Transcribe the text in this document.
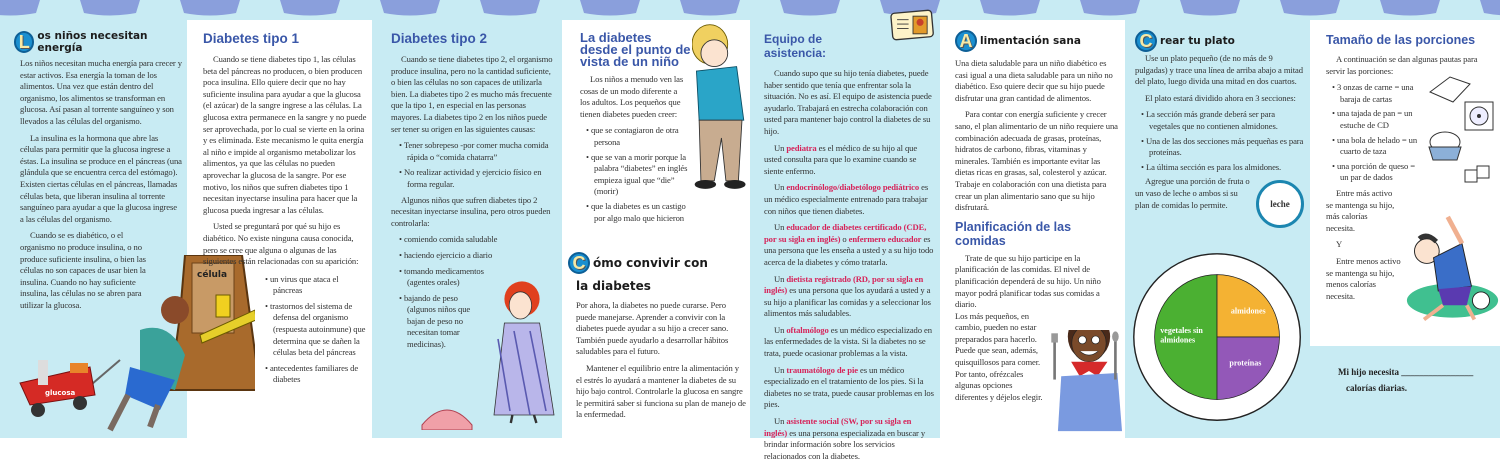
L os niños necesitan energía

Los niños necesitan mucha energía para crecer y estar activos. Esa energía la toman de los alimentos. Una vez que están dentro del organismo, los alimentos se transforman en glucosa. Así pasan al torrente sanguíneo y son llevados a las células del organismo.

La insulina es la hormona que abre las células para permitir que la glucosa ingrese a éstas. La insulina se produce en el páncreas (una glándula que se encuentra cerca del estómago). Existen ciertas células en el páncreas, llamadas células beta, que liberan insulina al torrente sanguíneo para ayudar a que la glucosa ingrese a las células del organismo.

Cuando se es diabético, o el organismo no produce insulina, o no produce suficiente insulina, o bien las células no son capaces de usar bien la insulina. Cuando no hay suficiente insulina, las células no se abren para utilizar la glucosa.

célula
glucosa
Diabetes tipo 1

Cuando se tiene diabetes tipo 1, las células beta del páncreas no producen, o bien producen poca insulina. Ello quiere decir que no hay suficiente insulina para ayudar a que la glucosa (el azúcar) de la sangre ingrese a las células. La glucosa extra permanece en la sangre y no puede ser aprovechada, por lo cual se vierte en la orina y es eliminada. Este mecanismo le quita energía al niño e impide al organismo metabolizar los alimentos, ya que las células no pueden aprovechar la glucosa de la sangre. Por ese motivo, los niños que sufren diabetes tipo 1 necesitan inyectarse insulina para hacer que la glucosa pueda ingresar a las células.

Usted se preguntará por qué su hijo es diabético. No existe ninguna causa conocida, pero se cree que alguna o algunas de las siguientes están relacionadas con su aparición:

• un virus que ataca el páncreas
• trastornos del sistema de defensa del organismo (respuesta autoinmune) que determina que se dañen la células beta del páncreas
• antecedentes familiares de diabetes
Diabetes tipo 2

Cuando se tiene diabetes tipo 2, el organismo produce insulina, pero no la cantidad suficiente, o bien las células no son capaces de utilizarla bien. La diabetes tipo 2 es mucho más frecuente que la tipo 1, en especial en las personas mayores. La diabetes tipo 2 en los niños puede ser tener su origen en las siguientes causas:

• Tener sobrepeso -por comer mucha comida rápida o “comida chatarra”
• No realizar actividad y ejercicio físico en forma regular.

Algunos niños que sufren diabetes tipo 2 necesitan inyectarse insulina, pero otros pueden controlarla:

• comiendo comida saludable
• haciendo ejercicio a diario
• tomando medicamentos (agentes orales)
• bajando de peso (algunos niños que bajan de peso no necesitan tomar medicinas).
La diabetes desde el punto de vista de un niño

Los niños a menudo ven las cosas de un modo diferente a los adultos. Los pequeños que tienen diabetes pueden creer:

• que se contagiaron de otra persona
• que se van a morir porque la palabra “diabetes” en inglés empieza igual que “die” (morir)
• que la diabetes es un castigo por algo malo que hicieron
C ómo convivir con
la diabetes

Por ahora, la diabetes no puede curarse. Pero puede manejarse. Aprender a convivir con la diabetes puede ayudar a su hijo a crecer sano. También puede ayudarlo a desarrollar hábitos saludables para el futuro.

Mantener el equilibrio entre la alimentación y el estrés lo ayudará a mantener la diabetes de su hijo bajo control. Controlarle la glucosa en sangre le permitirá saber si funciona su plan de manejo de la enfermedad.

Equipo de asistencia:

Cuando supo que su hijo tenía diabetes, puede haber sentido que tenía que enfrentar sola la situación. No es así. El equipo de asistencia puede ayudarlo. Trabajará en estrecha colaboración con usted para mantener bajo control la diabetes de su hijo.

Un pediatra es el médico de su hijo al que usted consulta para que lo examine cuando se siente enfermo.

Un endocrinólogo/diabetólogo pediátrico es un médico especialmente entrenado para trabajar con niños que tienen diabetes.

Un educador de diabetes certificado (CDE, por su sigla en inglés) o enfermero educador es una persona que les enseña a usted y a su hijo todo acerca de la diabetes y cómo tratarla.

Un dietista registrado (RD, por su sigla en inglés) es una persona que los ayudará a usted y a su hijo a planificar las comidas y a seleccionar los alimentos más saludables.

Un oftalmólogo es un médico especializado en las enfermedades de la vista. Si la diabetes no se trata, puede ocasionar problemas a la vista.

Un traumatólogo de pie es un médico especializado en el tratamiento de los pies. Si la diabetes no se trata, puede causar problemas en los pies.

Un asistente social (SW, por su sigla en inglés) es una persona especializada en buscar y brindar información sobre los servicios relacionados con la diabetes.

A limentación sana

Una dieta saludable para un niño diabético es casi igual a una dieta saludable para un niño no diabético. Eso quiere decir que su hijo puede disfrutar una gran cantidad de alimentos.

Para contar con energía suficiente y crecer sano, el plan alimentario de un niño requiere una combinación adecuada de grasas, proteínas, hidratos de carbono, fibras, vitaminas y minerales. También es importante evitar las dietas ricas en grasas, sal, colesterol y azúcar. Trabaje en colaboración con una dietista para crear un plan alimentario sano que su hijo disfrutará.

Planificación de las comidas

Trate de que su hijo participe en la planificación de las comidas. El nivel de planificación dependerá de su hijo. Un niño mayor podrá planificar todas sus comidas a diario.

Los más pequeños, en cambio, pueden no estar preparados para hacerlo. Puede que sean, además, quisquillosos para comer. Por tanto, ofrézcales algunas opciones diferentes y déjelos elegir.

C rear tu plato

Use un plato pequeño (de no más de 9 pulgadas) y trace una línea de arriba abajo a mitad del plato, luego divida una mitad en dos cuartos.

El plato estará dividido ahora en 3 secciones:

• La sección más grande deberá ser para vegetales que no contienen almidones.
• Una de las dos secciones más pequeñas es para proteínas.
• La última sección es para los almidones.

Agregue una porción de fruta o un vaso de leche o ambos si su plan de comidas lo permite.	leche
vegetales sin almidones
almidones
proteínas
Tamaño de las porciones

A continuación se dan algunas pautas para servir las porciones:

• 3 onzas de carne = una baraja de cartas
• una tajada de pan = un estuche de CD
• una bola de helado = un cuarto de taza
• una porción de queso = un par de dados

Entre más activo se mantenga su hijo, más calorías necesita.

Y

Entre menos activo se mantenga su hijo, menos calorías necesita.

Mi hijo necesita ________________
calorías diarias.
